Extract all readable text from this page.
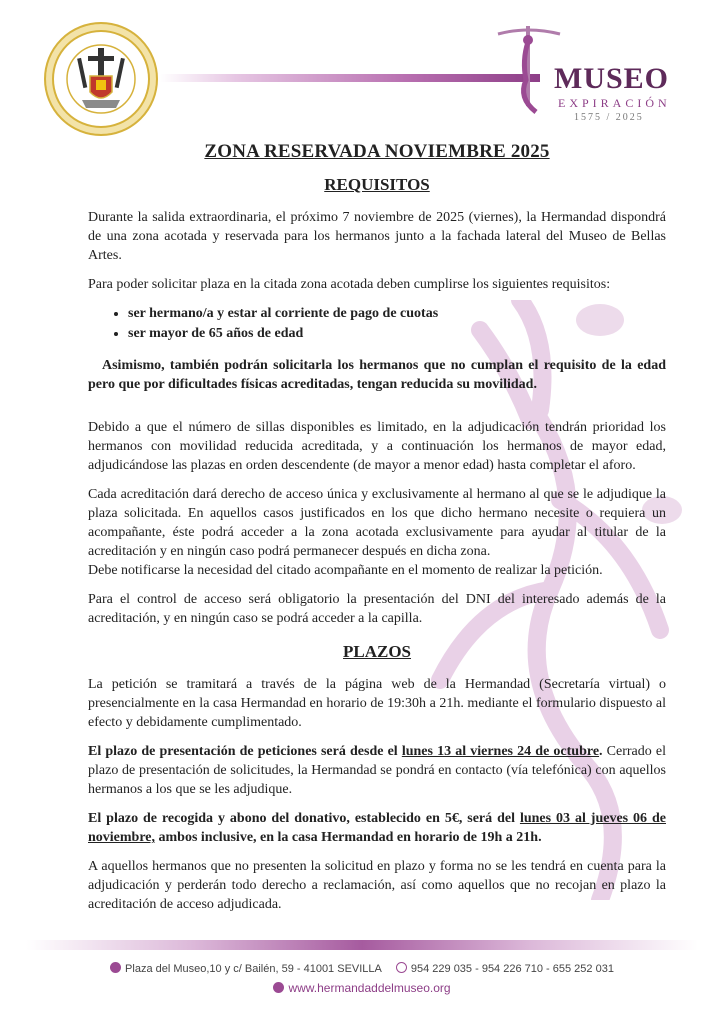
MUSEO
EXPIRACIÓN
1575 / 2025
ZONA RESERVADA NOVIEMBRE 2025
REQUISITOS

Durante la salida extraordinaria, el próximo 7 noviembre de 2025 (viernes), la Hermandad dispondrá de una zona acotada y reservada para los hermanos junto a la fachada lateral del Museo de Bellas Artes.

Para poder solicitar plaza en la citada zona acotada deben cumplirse los siguientes requisitos:

• ser hermano/a y estar al corriente de pago de cuotas
• ser mayor de 65 años de edad

Asimismo, también podrán solicitarla los hermanos que no cumplan el requisito de la edad pero que por dificultades físicas acreditadas, tengan reducida su movilidad.

Debido a que el número de sillas disponibles es limitado, en la adjudicación tendrán prioridad los hermanos con movilidad reducida acreditada, y a continuación los hermanos de mayor edad, adjudicándose las plazas en orden descendente (de mayor a menor edad) hasta completar el aforo.

Cada acreditación dará derecho de acceso única y exclusivamente al hermano al que se le adjudique la plaza solicitada. En aquellos casos justificados en los que dicho hermano necesite o requiera un acompañante, éste podrá acceder a la zona acotada exclusivamente para ayudar al titular de la acreditación y en ningún caso podrá permanecer después en dicha zona.

Debe notificarse la necesidad del citado acompañante en el momento de realizar la petición.

Para el control de acceso será obligatorio la presentación del DNI del interesado además de la acreditación, y en ningún caso se podrá acceder a la capilla.

PLAZOS

La petición se tramitará a través de la página web de la Hermandad (Secretaría virtual) o presencialmente en la casa Hermandad en horario de 19:30h a 21h. mediante el formulario dispuesto al efecto y debidamente cumplimentado.

El plazo de presentación de peticiones será desde el lunes 13 al viernes 24 de octubre. Cerrado el plazo de presentación de solicitudes, la Hermandad se pondrá en contacto (vía telefónica) con aquellos hermanos a los que se les adjudique.

El plazo de recogida y abono del donativo, establecido en 5€, será del lunes 03 al jueves 06 de noviembre, ambos inclusive, en la casa Hermandad en horario de 19h a 21h.

A aquellos hermanos que no presenten la solicitud en plazo y forma no se les tendrá en cuenta para la adjudicación y perderán todo derecho a reclamación, así como aquellos que no recojan en plazo la acreditación de acceso adjudicada.

Plaza del Museo,10 y c/ Bailén, 59 - 41001 SEVILLA	954 229 035 - 954 226 710 - 655 252 031
www.hermandaddelmuseo.org
